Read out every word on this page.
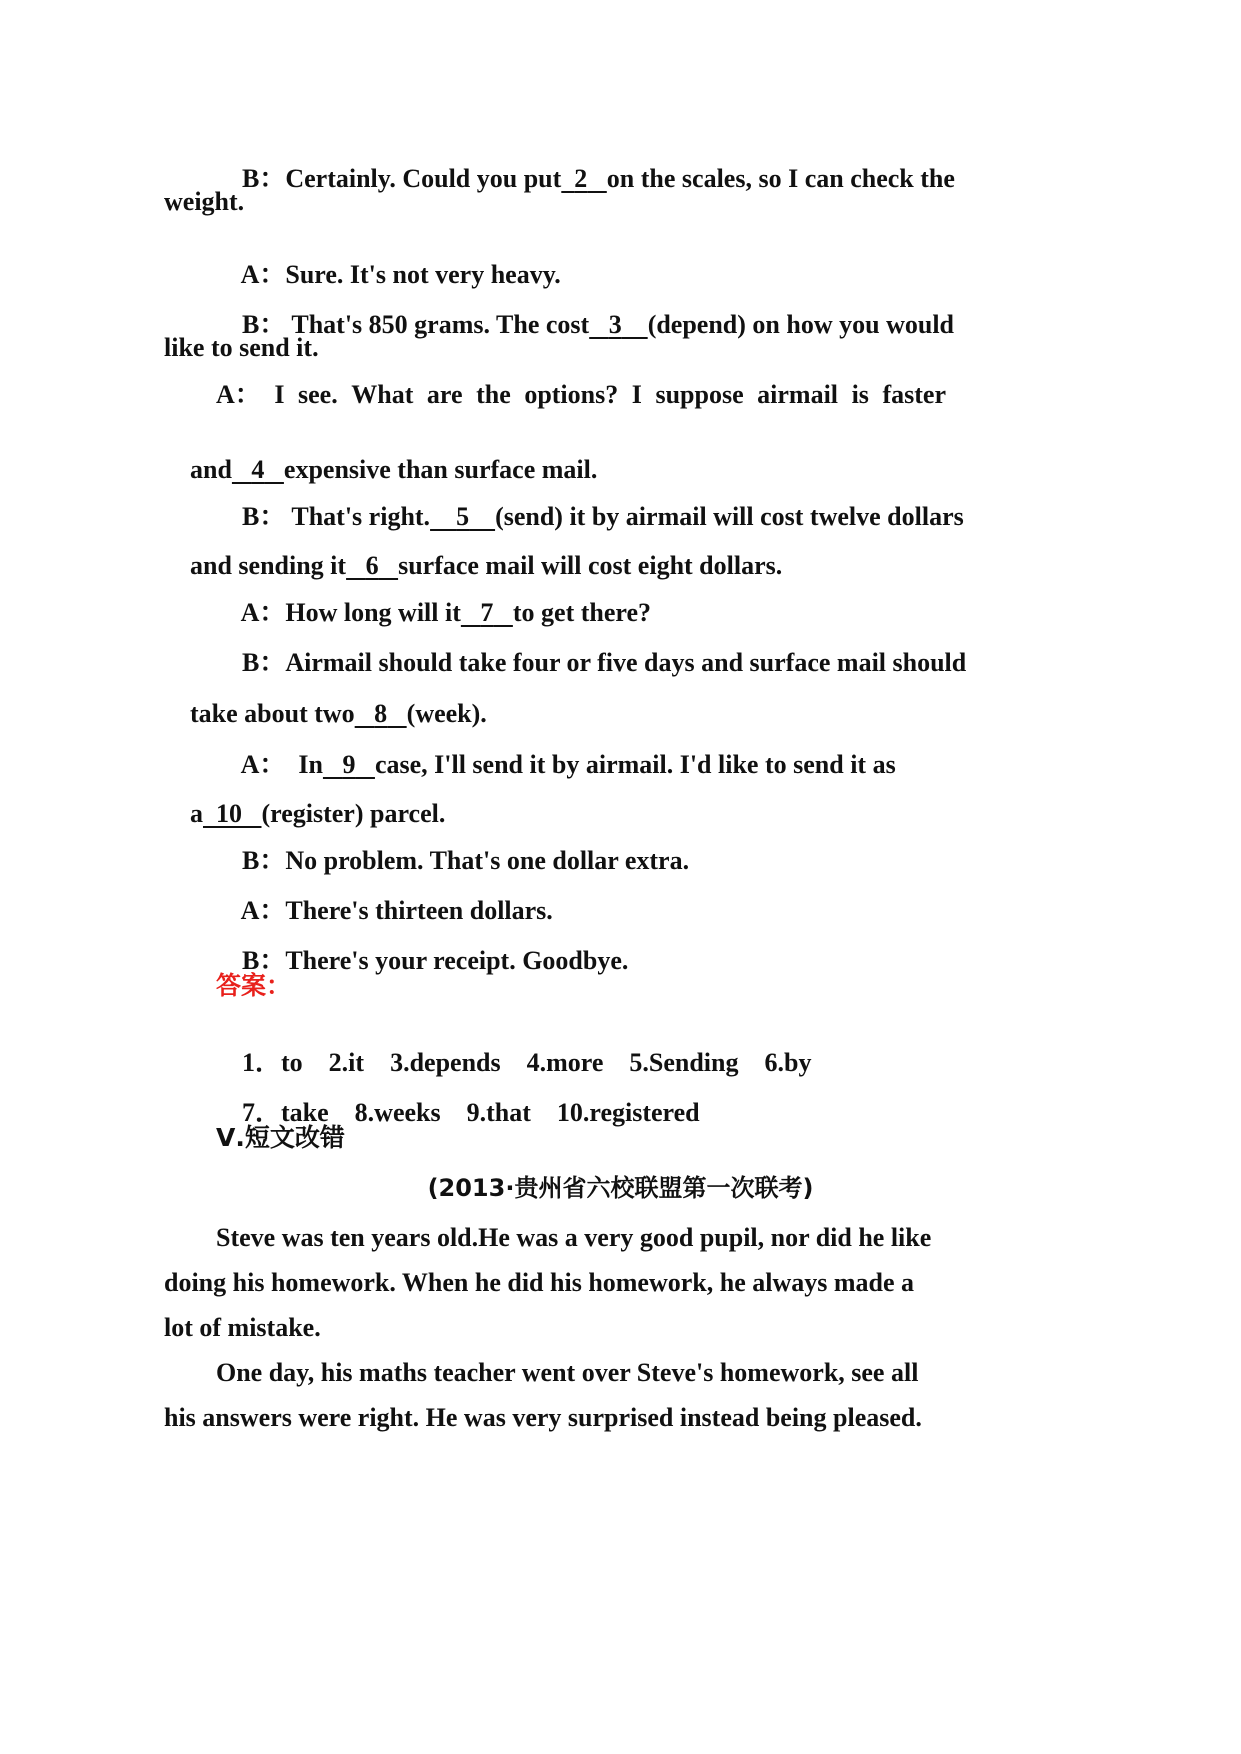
B：Certainly. Could you put 2 on the scales, so I can check the

weight.

A：Sure. It's not very heavy.

B： That's 850 grams. The cost 3 (depend) on how you would

like to send it.
A： I see. What are the options? I suppose airmail is faster

and 4 expensive than surface mail.

B： That's right. 5 (send) it by airmail will cost twelve dollars

and sending it 6 surface mail will cost eight dollars.

A：How long will it 7 to get there?

B：Airmail should take four or five days and surface mail should

take about two 8 (week).

A： In 9 case, I'll send it by airmail. I'd like to send it as

a 10 (register) parcel.

B：No problem. That's one dollar extra.

A：There's thirteen dollars.

B：There's your receipt. Goodbye.

答案：

1．to 2.it 3.depends 4.more 5.Sending 6.by

7．take 8.weeks 9.that 10.registered

Ⅴ.短文改错
(2013·贵州省六校联盟第一次联考)
Steve was ten years old.He was a very good pupil, nor did he like
doing his homework. When he did his homework, he always made a
lot of mistake.
One day, his maths teacher went over Steve's homework, see all
his answers were right. He was very surprised instead being pleased.
